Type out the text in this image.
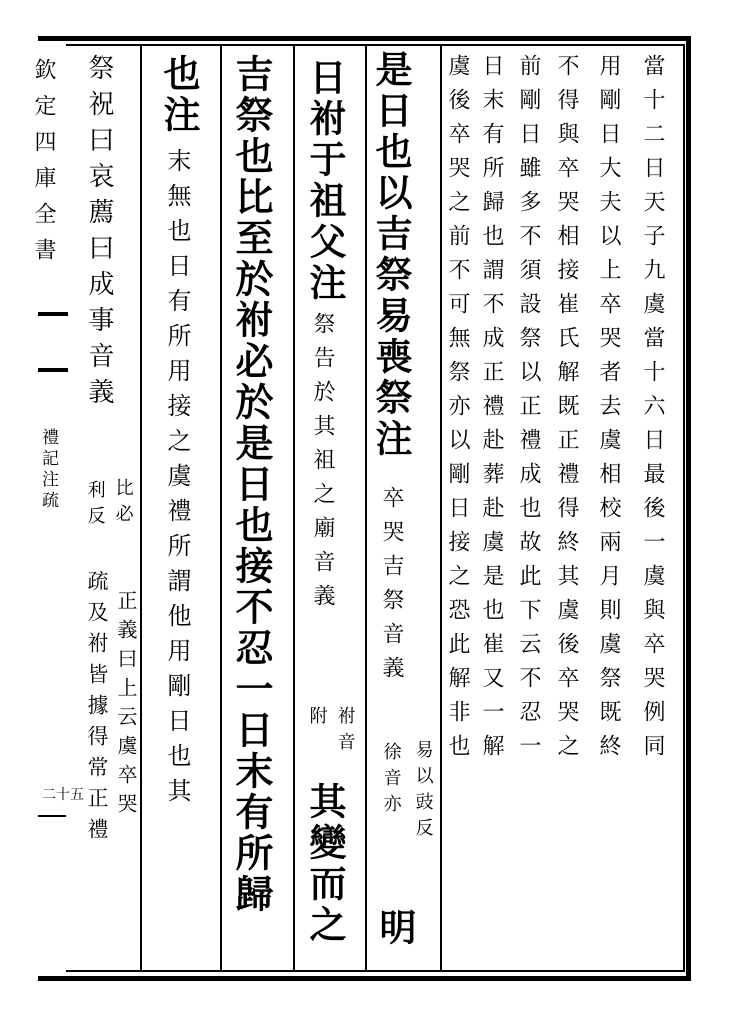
欽定四庫全書
禮記注疏
二十五
當十二日天子九虞當十六日最後一虞與卒哭例同
用剛日大夫以上卒哭者去虞相校兩月則虞祭既終
不得與卒哭相接崔氏解既正禮得終其虞後卒哭之
前剛日雖多不須設祭以正禮成也故此下云不忍一
日末有所歸也謂不成正禮赴葬赴虞是也崔又一解
虞後卒哭之前不可無祭亦以剛日接之恐此解非也
是日也以吉祭易喪祭注
卒哭吉祭音義
易以豉反
徐音亦
明
日祔于祖父注
祭告於其祖之廟音義
祔音
附
其變而之
吉祭也比至於祔必於是日也接不忍一日末有所歸
也注
末無也日有所用接之虞禮所謂他用剛日也其
祭祝曰哀薦曰成事音義
比必
利反
疏及祔皆據得常正禮 正義曰上云虞卒哭
